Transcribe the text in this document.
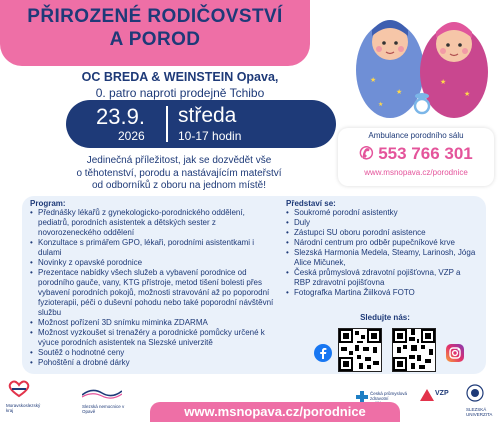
PŘIROZENÉ RODIČOVSTVÍ
A POROD
★
★
★
★
★
OC BREDA & WEINSTEIN Opava,
0. patro naproti prodejně Tchibo
23.9.
2026
středa
10-17 hodin
Jedinečná příležitost, jak se dozvědět vše
o těhotenství, porodu a nastávajícím mateřství
od odborníků z oboru na jednom místě!
Ambulance porodního sálu
✆ 553 766 301
www.msnopava.cz/porodnice
Program:
• Přednášky lékařů z gynekologicko-porodnického oddělení, pediatrů, porodních asistentek a dětských sester z novorozeneckého oddělení
• Konzultace s primářem GPO, lékaři, porodními asistentkami i dulami
• Novinky z opavské porodnice
• Prezentace nabídky všech služeb a vybavení porodnice od porodního gauče, vany, KTG přístroje, metod tišení bolesti přes vybavení porodních pokojů, možnosti stravování až po poporodní fyzioterapii, péči o duševní pohodu nebo také poporodní návštěvní službu
• Možnost pořízení 3D snímku miminka ZDARMA
• Možnost vyzkoušet si trenažéry a porodnické pomůcky určené k výuce porodních asistentek na Slezské univerzitě
• Soutěž o hodnotné ceny
• Pohoštění a drobné dárky
Představí se:
• Soukromé porodní asistentky
• Duly
• Zástupci SU oboru porodní asistence
• Národní centrum pro odběr pupečníkové krve
• Slezská Harmonia Medela, Steamy, Larinosh, Jóga Alice Mičunek,
• Česká průmyslová zdravotní pojišťovna, VZP a RBP zdravotní pojišťovna
• Fotografka Martina Žiilková FOTO
Sledujte nás:
Moravskoslezský kraj
Slezská nemocnice v Opavě
Česká průmyslová zdravotní
VZP
SLEZSKÁ UNIVERZITA
www.msnopava.cz/porodnice
